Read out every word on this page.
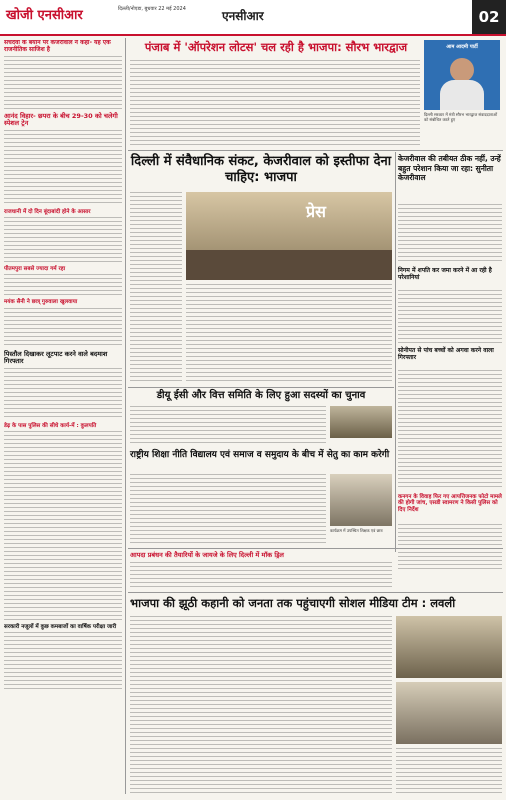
खोजी एनसीआर	दिल्ली/नोएडा, बुधवार 22 मई 2024	एनसीआर	02

सचदेवा के बयान पर केजरीवाल ने कहा- यह एक राजनीतिक साजिश है

आनंद विहार- छपरा के बीच 29-30 को चलेगी स्पेशल ट्रेन

राजधानी में दो दिन बूंदाबांदी होने के आसार

पीतमपुरा सबसे ज्यादा गर्म रहा

मयंक सैनी ने छात्र्‌ गुरुवाला खुलवाया

पिस्तौल दिखाकर लूटपाट करने वाले बदमाश गिरफ्तार

डेढ़ के पास पुलिस की सीधे कार्य-में : कुलपति

सरकारी नजूलों में कुछ कमबाजों का वार्षिक परीक्षा जारी

पंजाब में 'ऑपरेशन लोटस' चल रही है भाजपा: सौरभ भारद्वाज	आम आदमी पार्टी
दिल्ली सरकार में मंत्री सौरभ भारद्वाज संवाददाताओं को संबोधित करते हुए
दिल्ली में संवैधानिक संकट, केजरीवाल को इस्तीफा देना चाहिए: भाजपा
प्रेस
केजरीवाल की तबीयत ठीक नहीं, उन्हें बहुत परेशान किया जा रहा: सुनीता केजरीवाल

निगम में शपति कर जमा करने में आ रही है परेशानियां

सोनीपत से पांच बच्चों को अगवा करने वाला गिरफ्तार

कनगन के विवाह फिर गए आपत्तिजनक फोटो मामले की होगी जांच, एसडी स्वामरण ने किसी पुलिस को दिए निर्देश

डीयू ईसी और वित्त समिति के लिए हुआ सदस्यों का चुनाव
राष्ट्रीय शिक्षा नीति विद्यालय एवं समाज व समुदाय के बीच में सेतु का काम करेगी
कार्यक्रम में उपस्थित शिक्षक एवं छात्र

आपदा प्रबंधन की तैयारियों के जायजे के लिए दिल्ली में मॉक ड्रिल

भाजपा की झूठी कहानी को जनता तक पहुंचाएगी सोशल मीडिया टीम : लवली
